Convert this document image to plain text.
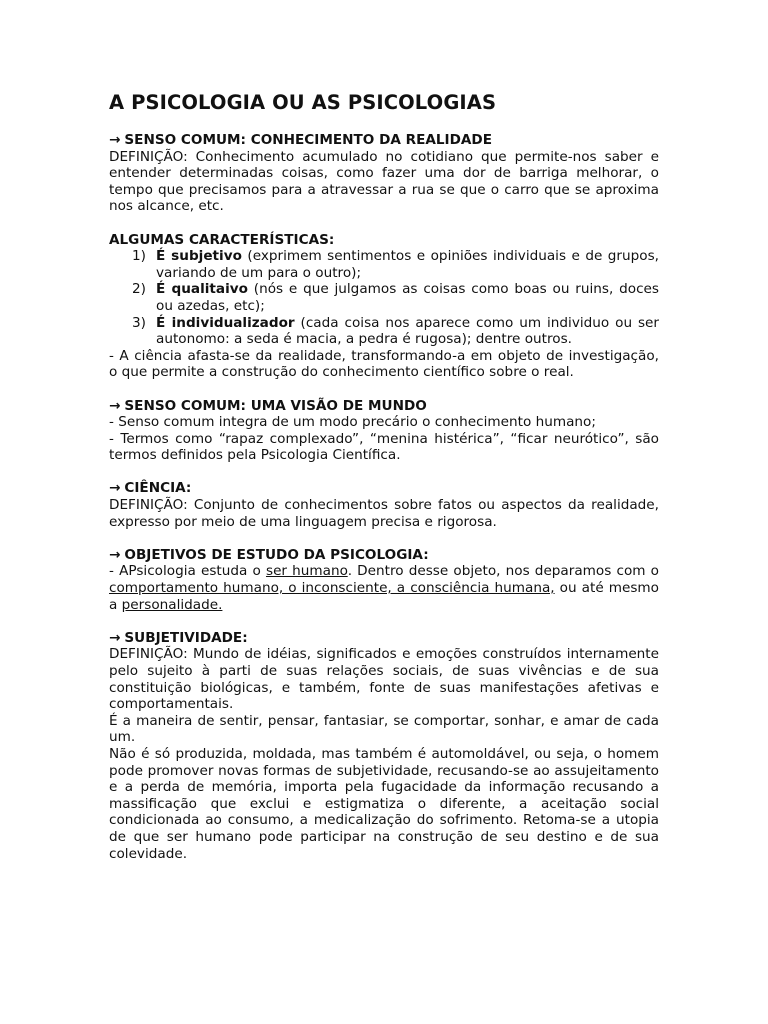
A PSICOLOGIA OU AS PSICOLOGIAS

→ SENSO COMUM: CONHECIMENTO DA REALIDADE

DEFINIÇÃO: Conhecimento acumulado no cotidiano que permite-nos saber e entender determinadas coisas, como fazer uma dor de barriga melhorar, o tempo que precisamos para a atravessar a rua se que o carro que se aproxima nos alcance, etc.

ALGUMAS CARACTERÍSTICAS:

1) É subjetivo (exprimem sentimentos e opiniões individuais e de grupos, variando de um para o outro);
2) É qualitaivo (nós e que julgamos as coisas como boas ou ruins, doces ou azedas, etc);
3) É individualizador (cada coisa nos aparece como um individuo ou ser autonomo: a seda é macia, a pedra é rugosa); dentre outros.

- A ciência afasta-se da realidade, transformando-a em objeto de investigação, o que permite a construção do conhecimento científico sobre o real.

→ SENSO COMUM: UMA VISÃO DE MUNDO

- Senso comum integra de um modo precário o conhecimento humano;

- Termos como “rapaz complexado”, “menina histérica”, “ficar neurótico”, são termos definidos pela Psicologia Científica.

→ CIÊNCIA:

DEFINIÇÃO: Conjunto de conhecimentos sobre fatos ou aspectos da realidade, expresso por meio de uma linguagem precisa e rigorosa.

→ OBJETIVOS DE ESTUDO DA PSICOLOGIA:

- APsicologia estuda o ser humano. Dentro desse objeto, nos deparamos com o comportamento humano, o inconsciente, a consciência humana, ou até mesmo a personalidade.

→ SUBJETIVIDADE:

DEFINIÇÃO: Mundo de idéias, significados e emoções construídos internamente pelo sujeito à parti de suas relações sociais, de suas vivências e de sua constituição biológicas, e também, fonte de suas manifestações afetivas e comportamentais.

É a maneira de sentir, pensar, fantasiar, se comportar, sonhar, e amar de cada um.

Não é só produzida, moldada, mas também é automoldável, ou seja, o homem pode promover novas formas de subjetividade, recusando-se ao assujeitamento e a perda de memória, importa pela fugacidade da informação recusando a massificação que exclui e estigmatiza o diferente, a aceitação social condicionada ao consumo, a medicalização do sofrimento. Retoma-se a utopia de que ser humano pode participar na construção de seu destino e de sua colevidade.
